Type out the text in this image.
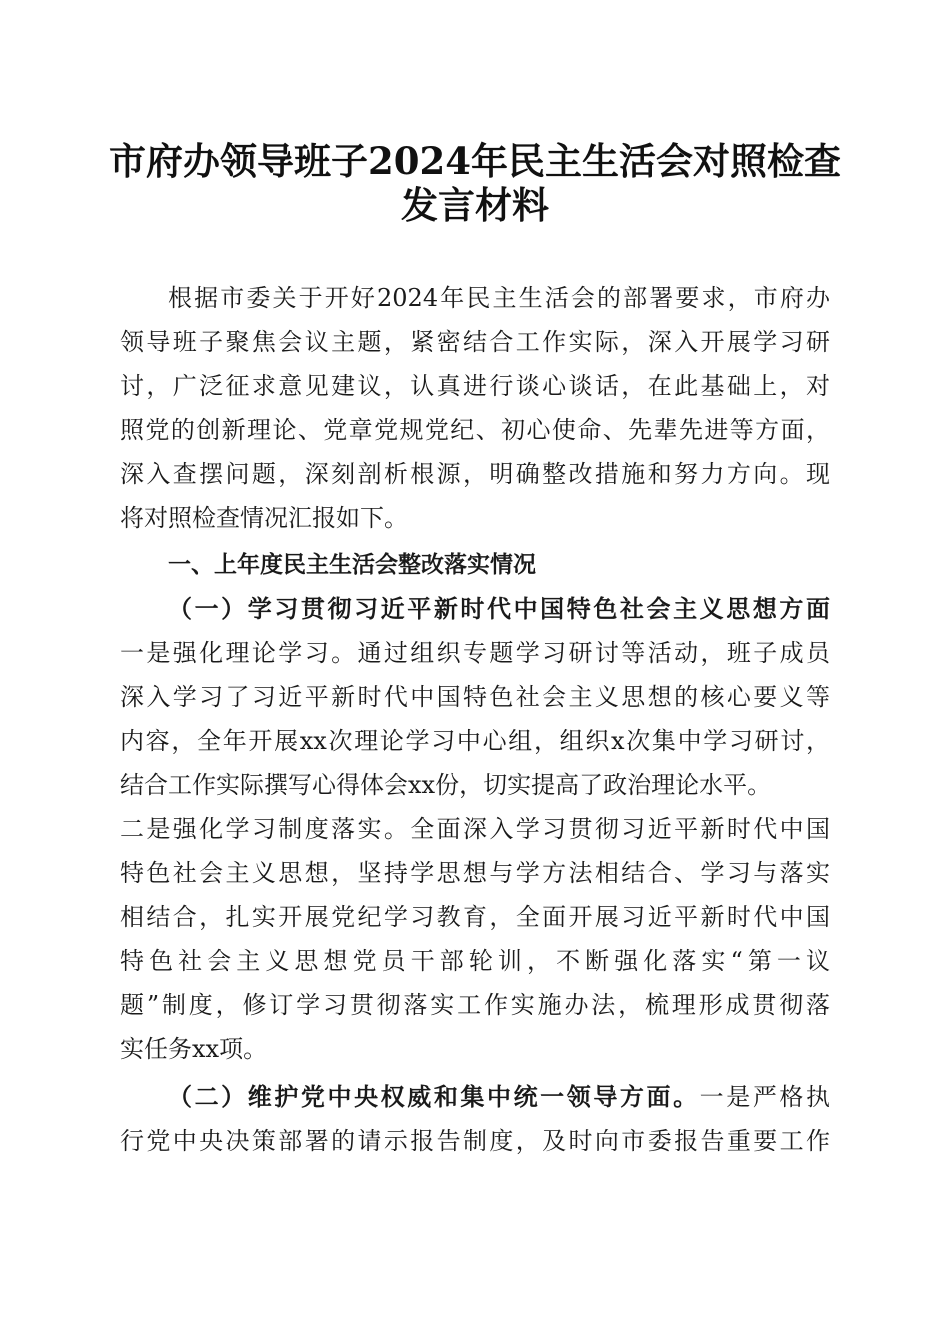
市府办领导班子2024年民主生活会对照检查
发言材料
根据市委关于开好2024年民主生活会的部署要求，市府办
领导班子聚焦会议主题，紧密结合工作实际，深入开展学习研
讨，广泛征求意见建议，认真进行谈心谈话，在此基础上，对
照党的创新理论、党章党规党纪、初心使命、先辈先进等方面，
深入查摆问题，深刻剖析根源，明确整改措施和努力方向。现
将对照检查情况汇报如下。
一、上年度民主生活会整改落实情况
（一）学习贯彻习近平新时代中国特色社会主义思想方面
一是强化理论学习。通过组织专题学习研讨等活动，班子成员
深入学习了习近平新时代中国特色社会主义思想的核心要义等
内容，全年开展xx次理论学习中心组，组织x次集中学习研讨，
结合工作实际撰写心得体会xx份，切实提高了政治理论水平。
二是强化学习制度落实。全面深入学习贯彻习近平新时代中国
特色社会主义思想，坚持学思想与学方法相结合、学习与落实
相结合，扎实开展党纪学习教育，全面开展习近平新时代中国
特色社会主义思想党员干部轮训，不断强化落实“第一议
题”制度，修订学习贯彻落实工作实施办法，梳理形成贯彻落
实任务xx项。
（二）维护党中央权威和集中统一领导方面。一是严格执
行党中央决策部署的请示报告制度，及时向市委报告重要工作
